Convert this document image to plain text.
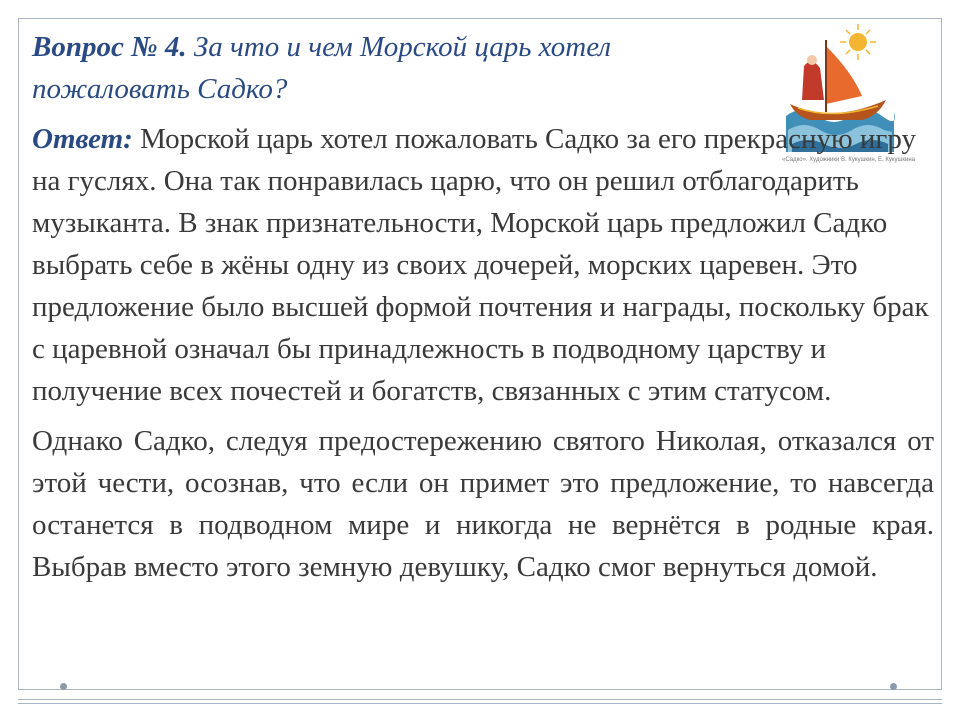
«Садко». Художники В. Кукушкин, Е. Кукушкина

Вопрос № 4. За что и чем Морской царь хотел пожаловать Садко?

Ответ: Морской царь хотел пожаловать Садко за его прекрасную игру на гуслях. Она так понравилась царю, что он решил отблагодарить музыканта. В знак признательности, Морской царь предложил Садко выбрать себе в жёны одну из своих дочерей, морских царевен. Это предложение было высшей формой почтения и награды, поскольку брак с царевной означал бы принадлежность в подводному царству и получение всех почестей и богатств, связанных с этим статусом.

Однако Садко, следуя предостережению святого Николая, отказался от этой чести, осознав, что если он примет это предложение, то навсегда останется в подводном мире и никогда не вернётся в родные края. Выбрав вместо этого земную девушку, Садко смог вернуться домой.
